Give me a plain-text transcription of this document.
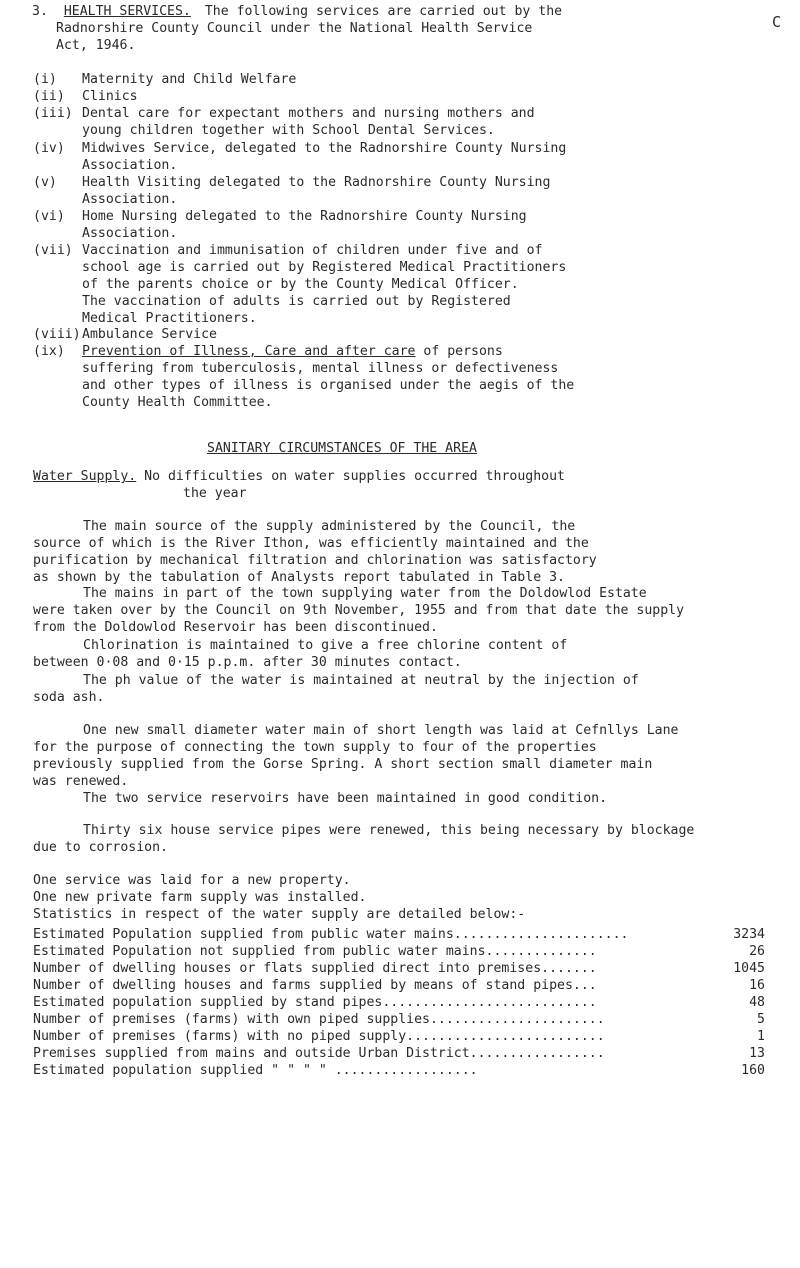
3. HEALTH SERVICES. The following services are carried out by the
Radnorshire County Council under the National Health Service
Act, 1946.
C
(i) Maternity and Child Welfare
(ii) Clinics
(iii) Dental care for expectant mothers and nursing mothers and
young children together with School Dental Services.
(iv) Midwives Service, delegated to the Radnorshire County Nursing
Association.
(v) Health Visiting delegated to the Radnorshire County Nursing
Association.
(vi) Home Nursing delegated to the Radnorshire County Nursing
Association.
(vii) Vaccination and immunisation of children under five and of
school age is carried out by Registered Medical Practitioners
of the parents choice or by the County Medical Officer.
The vaccination of adults is carried out by Registered
Medical Practitioners.
(viii) Ambulance Service
(ix) Prevention of Illness, Care and after care of persons
suffering from tuberculosis, mental illness or defectiveness
and other types of illness is organised under the aegis of the
County Health Committee.
SANITARY CIRCUMSTANCES OF THE AREA
Water Supply. No difficulties on water supplies occurred throughout
the year
The main source of the supply administered by the Council, the
source of which is the River Ithon, was efficiently maintained and the
purification by mechanical filtration and chlorination was satisfactory
as shown by the tabulation of Analysts report tabulated in Table 3.
The mains in part of the town supplying water from the Doldowlod Estate
were taken over by the Council on 9th November, 1955 and from that date the supply
from the Doldowlod Reservoir has been discontinued.
Chlorination is maintained to give a free chlorine content of
between 0·08 and 0·15 p.p.m. after 30 minutes contact.
The ph value of the water is maintained at neutral by the injection of
soda ash.
One new small diameter water main of short length was laid at Cefnllys Lane
for the purpose of connecting the town supply to four of the properties
previously supplied from the Gorse Spring. A short section small diameter main
was renewed.
The two service reservoirs have been maintained in good condition.
Thirty six house service pipes were renewed, this being necessary by blockage
due to corrosion.
One service was laid for a new property.
One new private farm supply was installed.
Statistics in respect of the water supply are detailed below:-
Estimated Population supplied from public water mains......................	3234
Estimated Population not supplied from public water mains..............	26
Number of dwelling houses or flats supplied direct into premises.......	1045
Number of dwelling houses and farms supplied by means of stand pipes...	16
Estimated population supplied by stand pipes...........................	48
Number of premises (farms) with own piped supplies......................	5
Number of premises (farms) with no piped supply.........................	1
Premises supplied from mains and outside Urban District.................	13
Estimated population supplied " " " " ..................	160
